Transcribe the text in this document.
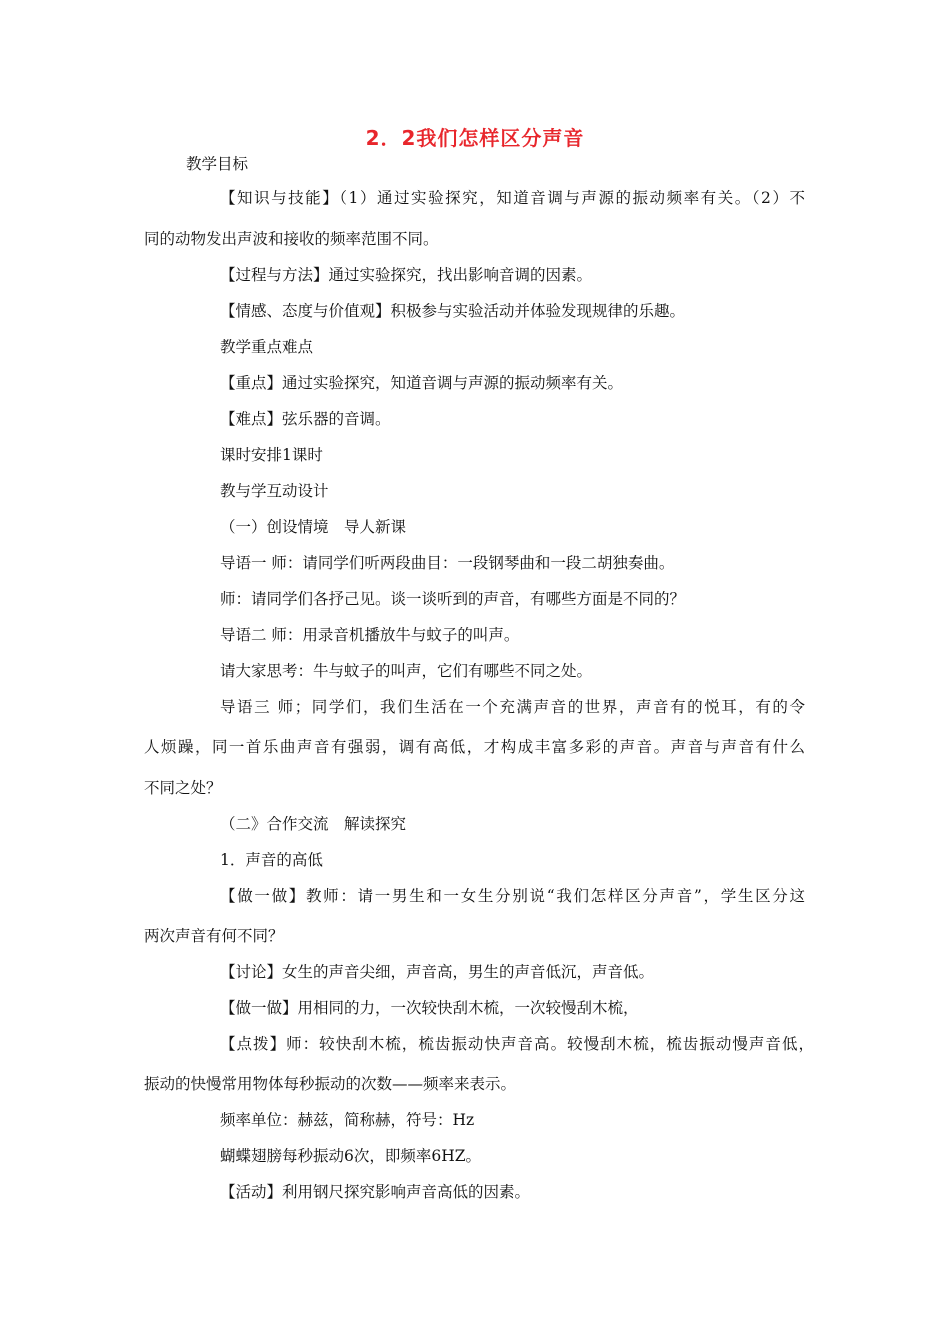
2．2我们怎样区分声音
教学目标
【知识与技能】（1）通过实验探究，知道音调与声源的振动频率有关。（2）不
同的动物发出声波和接收的频率范围不同。
【过程与方法】通过实验探究，找出影响音调的因素。
【情感、态度与价值观】积极参与实验活动并体验发现规律的乐趣。
教学重点难点
【重点】通过实验探究，知道音调与声源的振动频率有关。
【难点】弦乐器的音调。
课时安排1课时
教与学互动设计
（一）创设情境　导人新课
导语一 师：请同学们听两段曲目：一段钢琴曲和一段二胡独奏曲。
师：请同学们各抒己见。谈一谈听到的声音，有哪些方面是不同的？
导语二 师：用录音机播放牛与蚊子的叫声。
请大家思考：牛与蚊子的叫声，它们有哪些不同之处。
导语三 师；同学们，我们生活在一个充满声音的世界，声音有的悦耳，有的令
人烦躁，同一首乐曲声音有强弱，调有高低，才构成丰富多彩的声音。声音与声音有什么
不同之处？
（二》合作交流　解读探究
1．声音的高低
【做一做】教师：请一男生和一女生分别说“我们怎样区分声音”，学生区分这
两次声音有何不同？
【讨论】女生的声音尖细，声音高，男生的声音低沉，声音低。
【做一做】用相同的力，一次较快刮木梳，一次较慢刮木梳，
【点拨】师：较快刮木梳，梳齿振动快声音高。较慢刮木梳，梳齿振动慢声音低，
振动的快慢常用物体每秒振动的次数——频率来表示。
频率单位：赫兹，简称赫，符号：Hz
蝴蝶翅膀每秒振动6次，即频率6HZ。
【活动】利用钢尺探究影响声音高低的因素。
